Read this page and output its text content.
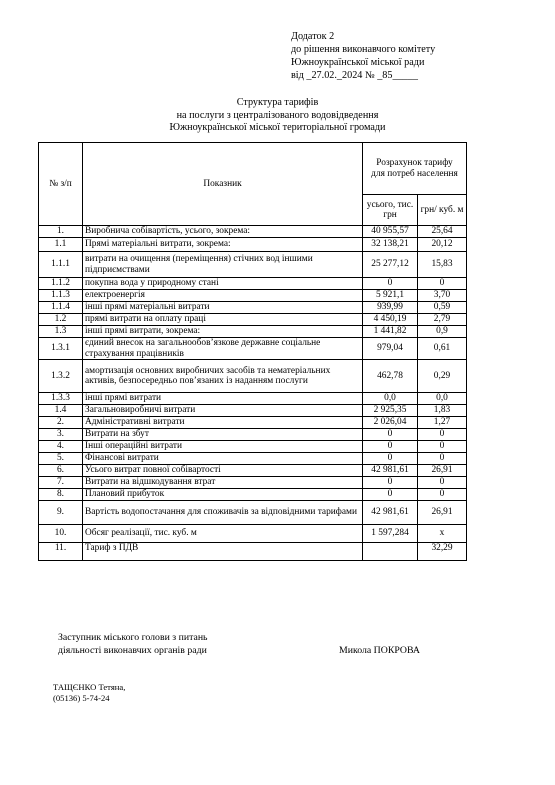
Додаток 2
до рішення виконавчого комітету
Южноукраїнської міської ради
від _27.02._2024 № _85_____
Структура тарифів
на послуги з централізованого водовідведення
Южноукраїнської міської територіальної громади
№ з/п	Показник	Розрахунок тарифу для потреб населення	
		усього, тис. грн	грн/ куб. м
1.	Виробнича собівартість, усього, зокрема:	40 955,57	25,64
1.1	Прямі матеріальні витрати, зокрема:	32 138,21	20,12
1.1.1	витрати на очищення (переміщення) стічних вод іншими підприємствами	25 277,12	15,83
1.1.2	покупна вода у природному стані	0	0
1.1.3	електроенергія	5 921,1	3,70
1.1.4	інші прямі матеріальні витрати	939,99	0,59
1.2	прямі витрати на оплату праці	4 450,19	2,79
1.3	інші прямі витрати, зокрема:	1 441,82	0,9
1.3.1	єдиний внесок на загальнообов’язкове державне соціальне страхування працівників	979,04	0,61
1.3.2	амортизація основних виробничих засобів та нематеріальних активів, безпосередньо пов’язаних із наданням послуги	462,78	0,29
1.3.3	інші прямі витрати	0,0	0,0
1.4	Загальновиробничі витрати	2 925,35	1,83
2.	Адміністративні витрати	2 026,04	1,27
3.	Витрати на збут	0	0
4.	Інші операційні витрати	0	0
5.	Фінансові витрати	0	0
6.	Усього витрат повної собівартості	42 981,61	26,91
7.	Витрати на відшкодування втрат	0	0
8.	Плановий прибуток	0	0
9.	Вартість водопостачання для споживачів за відповідними тарифами	42 981,61	26,91
10.	Обсяг реалізації, тис. куб. м	1 597,284	х
11.	Тариф з ПДВ		32,29
Заступник міського голови з питань
діяльності виконавчих органів ради	Микола ПОКРОВА
ТАЩЄНКО Тетяна,
(05136) 5-74-24
